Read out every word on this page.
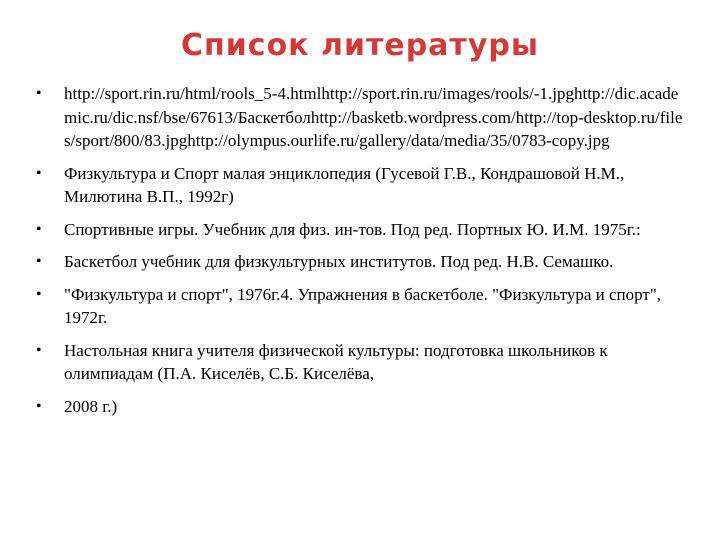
Список литературы
• http://sport.rin.ru/html/rools_5-4.htmlhttp://sport.rin.ru/images/rools/-1.jpghttp://dic.academic.ru/dic.nsf/bse/67613/Баскетболhttp://basketb.wordpress.com/http://top-desktop.ru/files/sport/800/83.jpghttp://olympus.ourlife.ru/gallery/data/media/35/0783-copy.jpg
• Физкультура и Спорт малая энциклопедия (Гусевой Г.В., Кондрашовой Н.М., Милютина В.П., 1992г)
• Спортивные игры. Учебник для физ. ин-тов. Под ред. Портных Ю. И.М. 1975г.:
• Баскетбол учебник для физкультурных институтов. Под ред. Н.В. Семашко.
• "Физкультура и спорт", 1976г.4. Упражнения в баскетболе. "Физкультура и спорт", 1972г.
• Настольная книга учителя физической культуры: подготовка школьников к олимпиадам (П.А. Киселёв, С.Б. Киселёва,
• 2008 г.)
